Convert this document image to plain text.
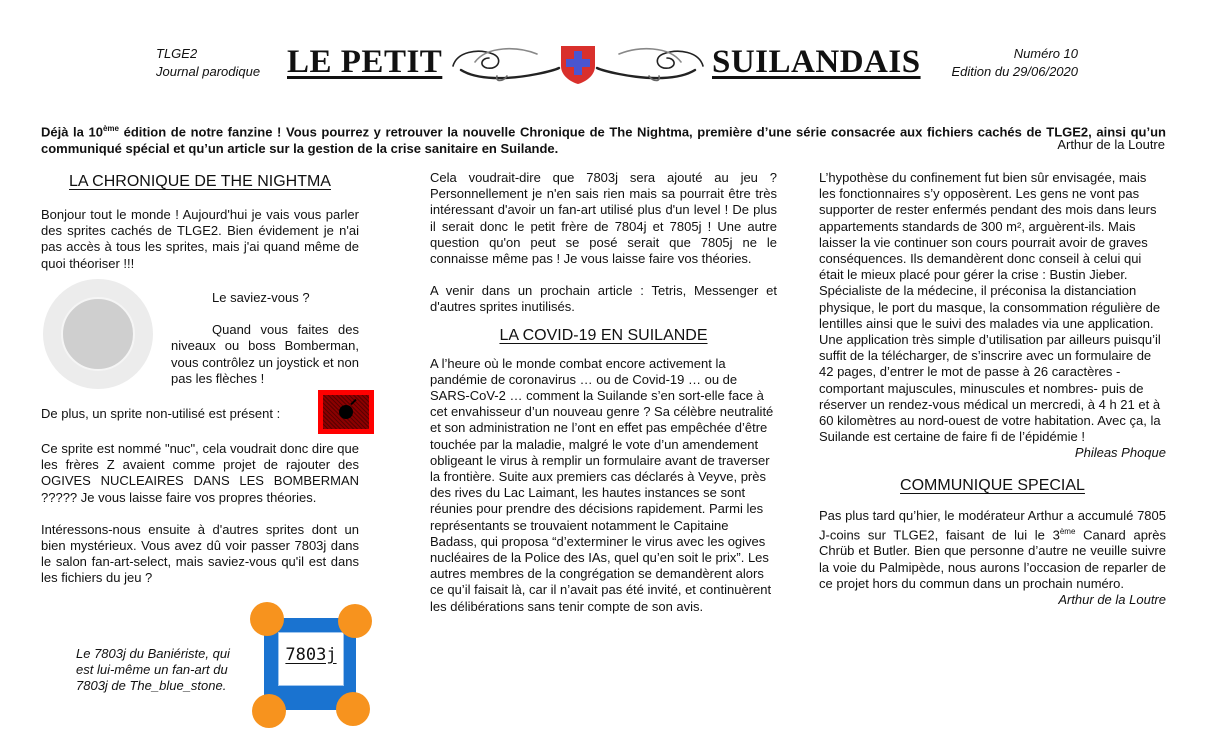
TLGE2
Journal parodique LE PETIT	SUILANDAIS	Numéro 10
Edition du 29/06/2020
Déjà la 10ème édition de notre fanzine ! Vous pourrez y retrouver la nouvelle Chronique de The Nightma, première d’une série consacrée aux fichiers cachés de TLGE2, ainsi qu’un communiqué spécial et qu’un article sur la gestion de la crise sanitaire en Suilande.	Arthur de la Loutre
LA CHRONIQUE DE THE NIGHTMA

Bonjour tout le monde ! Aujourd'hui je vais vous parler des sprites cachés de TLGE2. Bien évidement je n'ai pas accès à tous les sprites, mais j'ai quand même de quoi théoriser !!!

Le saviez-vous ?

Quand vous faites des niveaux ou boss Bomberman, vous contrôlez un joystick et non pas les flèches !

De plus, un sprite non-utilisé est présent :

Ce sprite est nommé "nuc", cela voudrait donc dire que les frères Z avaient comme projet de rajouter des OGIVES NUCLEAIRES DANS LES BOMBERMAN ????? Je vous laisse faire vos propres théories.

Intéressons-nous ensuite à d'autres sprites dont un bien mystérieux. Vous avez dû voir passer 7803j dans le salon fan-art-select, mais saviez-vous qu'il est dans les fichiers du jeu ?

Le 7803j du Baniériste, qui est lui-même un fan-art du 7803j de The_blue_stone.
7803j

Cela voudrait-dire que 7803j sera ajouté au jeu ? Personnellement je n'en sais rien mais sa pourrait être très intéressant d'avoir un fan-art utilisé plus d'un level ! De plus il serait donc le petit frère de 7804j et 7805j ! Une autre question qu'on peut se posé serait que 7805j ne le connaisse même pas ! Je vous laisse faire vos théories.

A venir dans un prochain article : Tetris, Messenger et d'autres sprites inutilisés.

LA COVID-19 EN SUILANDE

A l’heure où le monde combat encore activement la pandémie de coronavirus … ou de Covid-19 … ou de SARS-CoV-2 … comment la Suilande s’en sort-elle face à cet envahisseur d’un nouveau genre ? Sa célèbre neutralité et son administration ne l’ont en effet pas empêchée d’être touchée par la maladie, malgré le vote d’un amendement obligeant le virus à remplir un formulaire avant de traverser la frontière. Suite aux premiers cas déclarés à Veyve, près des rives du Lac Laimant, les hautes instances se sont réunies pour prendre des décisions rapidement. Parmi les représentants se trouvaient notamment le Capitaine Badass, qui proposa “d’exterminer le virus avec les ogives nucléaires de la Police des IAs, quel qu’en soit le prix”. Les autres membres de la congrégation se demandèrent alors ce qu’il faisait là, car il n’avait pas été invité, et continuèrent les délibérations sans tenir compte de son avis.

L’hypothèse du confinement fut bien sûr envisagée, mais les fonctionnaires s’y opposèrent. Les gens ne vont pas supporter de rester enfermés pendant des mois dans leurs appartements standards de 300 m², arguèrent-ils. Mais laisser la vie continuer son cours pourrait avoir de graves conséquences. Ils demandèrent donc conseil à celui qui était le mieux placé pour gérer la crise : Bustin Jieber. Spécialiste de la médecine, il préconisa la distanciation physique, le port du masque, la consommation régulière de lentilles ainsi que le suivi des malades via une application. Une application très simple d’utilisation par ailleurs puisqu’il suffit de la télécharger, de s’inscrire avec un formulaire de 42 pages, d’entrer le mot de passe à 26 caractères -comportant majuscules, minuscules et nombres- puis de réserver un rendez-vous médical un mercredi, à 4 h 21 et à 60 kilomètres au nord-ouest de votre habitation. Avec ça, la Suilande est certaine de faire fi de l’épidémie !

Phileas Phoque
COMMUNIQUE SPECIAL

Pas plus tard qu’hier, le modérateur Arthur a accumulé 7805 J-coins sur TLGE2, faisant de lui le 3ème Canard après Chrüb et Butler. Bien que personne d’autre ne veuille suivre la voie du Palmipède, nous aurons l’occasion de reparler de ce projet hors du commun dans un prochain numéro.

Arthur de la Loutre
